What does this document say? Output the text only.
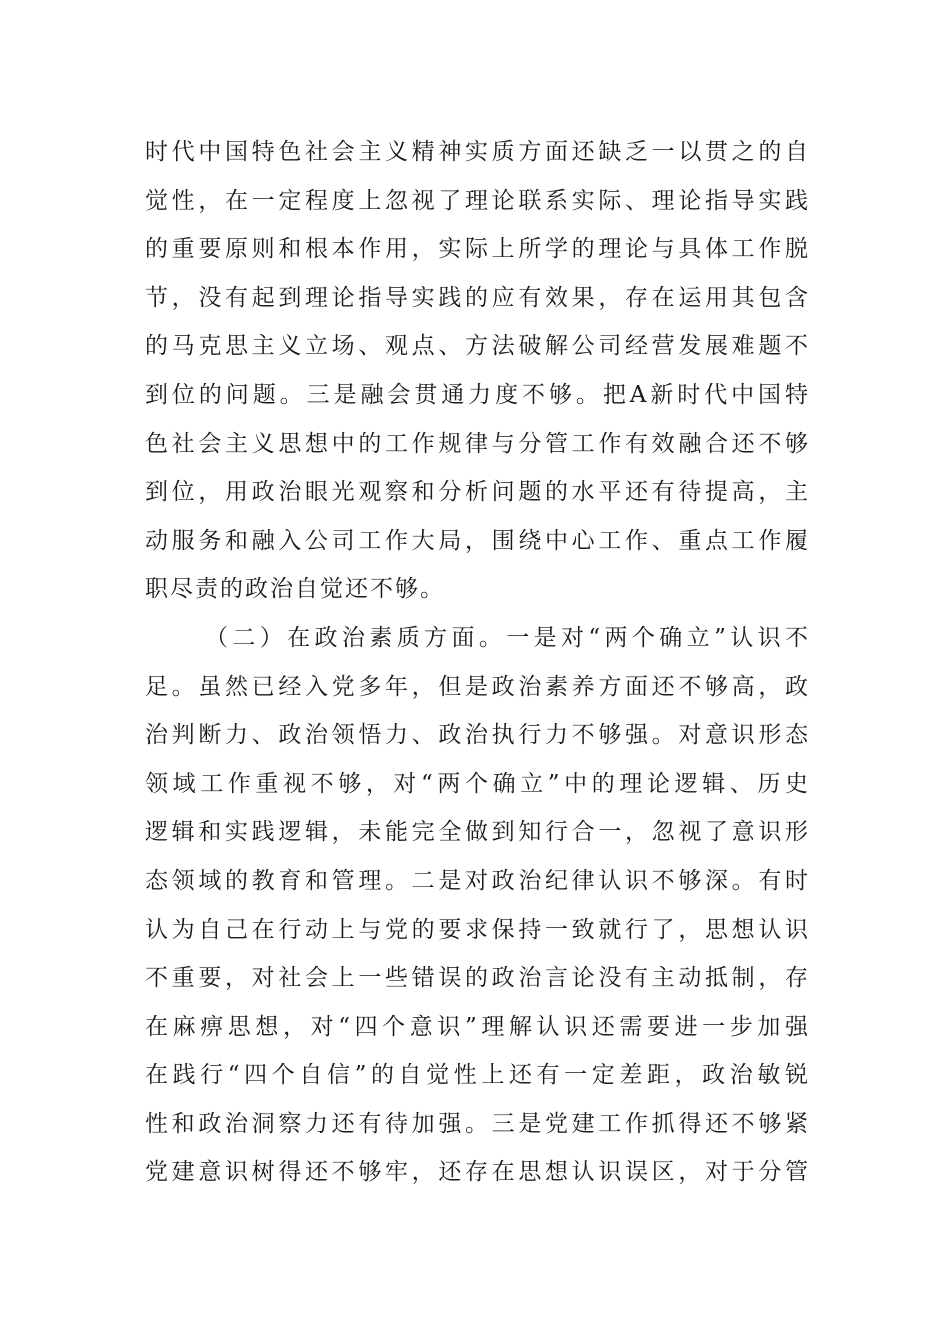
时代中国特色社会主义精神实质方面还缺乏一以贯之的自
觉性，在一定程度上忽视了理论联系实际、理论指导实践
的重要原则和根本作用，实际上所学的理论与具体工作脱
节，没有起到理论指导实践的应有效果，存在运用其包含
的马克思主义立场、观点、方法破解公司经营发展难题不
到位的问题。三是融会贯通力度不够。把A新时代中国特
色社会主义思想中的工作规律与分管工作有效融合还不够
到位，用政治眼光观察和分析问题的水平还有待提高，主
动服务和融入公司工作大局，围绕中心工作、重点工作履
职尽责的政治自觉还不够。
（二）在政治素质方面。一是对“两个确立”认识不
足。虽然已经入党多年，但是政治素养方面还不够高，政
治判断力、政治领悟力、政治执行力不够强。对意识形态
领域工作重视不够，对“两个确立”中的理论逻辑、历史
逻辑和实践逻辑，未能完全做到知行合一，忽视了意识形
态领域的教育和管理。二是对政治纪律认识不够深。有时
认为自己在行动上与党的要求保持一致就行了，思想认识
不重要，对社会上一些错误的政治言论没有主动抵制，存
在麻痹思想，对“四个意识”理解认识还需要进一步加强
在践行“四个自信”的自觉性上还有一定差距，政治敏锐
性和政治洞察力还有待加强。三是党建工作抓得还不够紧
党建意识树得还不够牢，还存在思想认识误区，对于分管
